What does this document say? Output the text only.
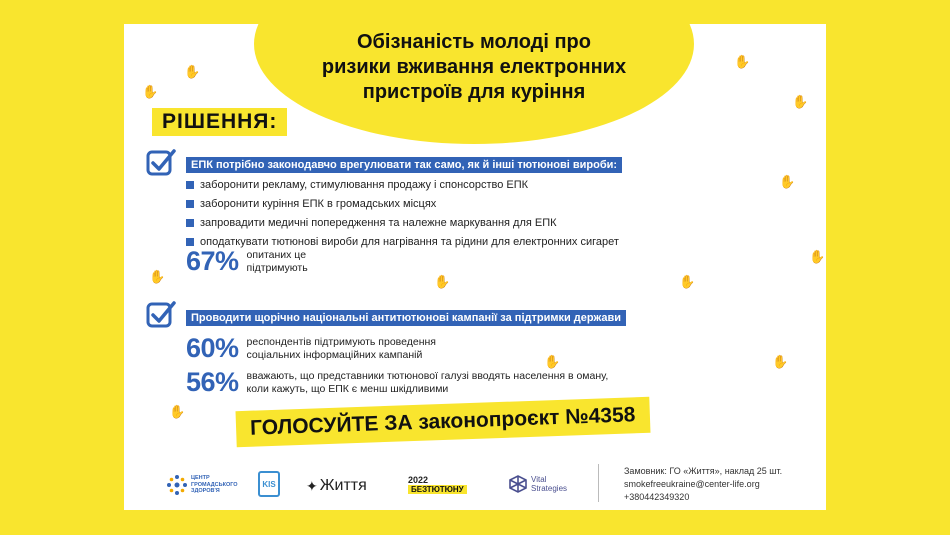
Обізнаність молоді про
ризики вживання електронних
пристроїв для куріння
✋
✋
✋
✋
✋
✋
✋
✋
✋
✋
✋
✋
РІШЕННЯ:
ЕПК потрібно законодавчо врегулювати так само, як й інші тютюнові вироби:
заборонити рекламу, стимулювання продажу і спонсорство ЕПК
заборонити куріння ЕПК в громадських місцях
запровадити медичні попередження та належне маркування для ЕПК
оподаткувати тютюнові вироби для нагрівання та рідини для електронних сигарет
67% опитаних це
підтримують
Проводити щорічно національні антитютюнові кампанії за підтримки держави
60% респондентів підтримують проведення
соціальних інформаційних кампаній
56% вважають, що представники тютюнової галузі вводять населення в оману,
коли кажуть, що ЕПК є менш шкідливими
ГОЛОСУЙТЕ ЗА законопроєкт №4358
ЦЕНТР
ГРОМАДСЬКОГО
ЗДОРОВ'Я
KIS ✦ Життя	2022
БЕЗТЮТЮНУ
Vital
Strategies
Замовник: ГО «Життя», наклад 25 шт.
smokefreeukraine@center-life.org
+380442349320
